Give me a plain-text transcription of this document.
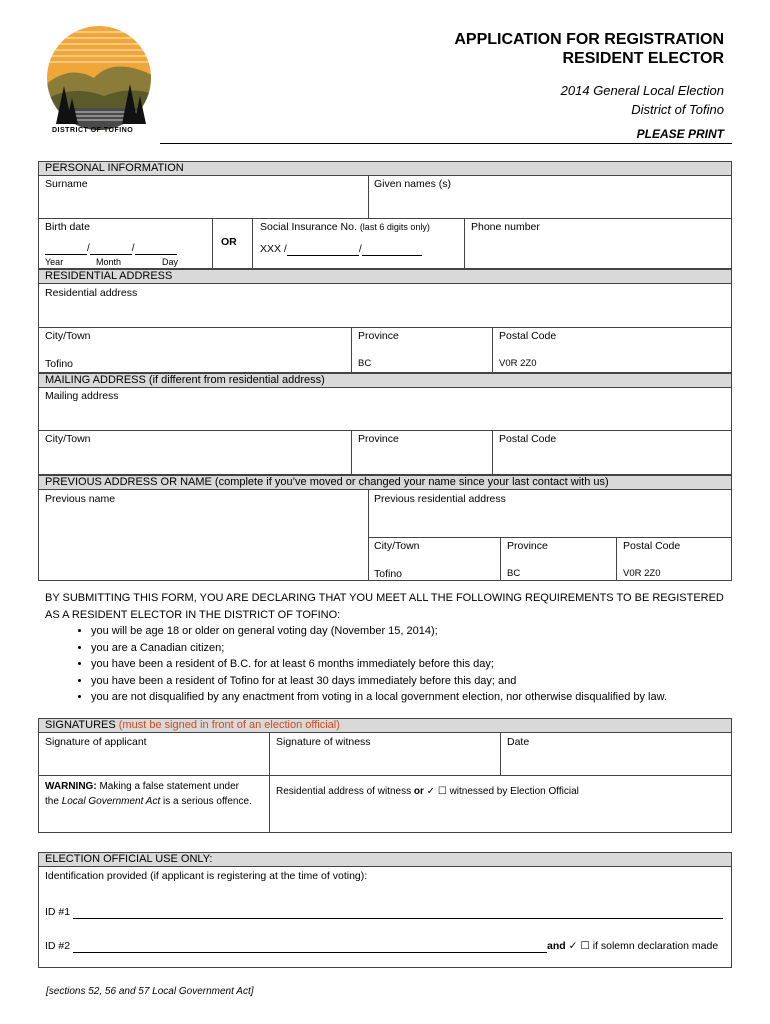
DISTRICT OF TOFINO
APPLICATION FOR REGISTRATION
RESIDENT ELECTOR
2014 General Local Election
District of Tofino
PLEASE PRINT
PERSONAL INFORMATION
Surname	Given names (s)
Birth date
/	/
Year	Month	Day
OR
Social Insurance No. (last 6 digits only)
XXX /	/
Phone number
RESIDENTIAL ADDRESS
Residential address
City/Town	Province	Postal Code
Tofino	BC	V0R 2Z0
MAILING ADDRESS (if different from residential address)
Mailing address
City/Town	Province	Postal Code
PREVIOUS ADDRESS OR NAME (complete if you’ve moved or changed your name since your last contact with us)
Previous name	Previous residential address
City/Town	Province	Postal Code
Tofino	BC	V0R 2Z0
BY SUBMITTING THIS FORM, YOU ARE DECLARING THAT YOU MEET ALL THE FOLLOWING REQUIREMENTS TO BE REGISTERED AS A RESIDENT ELECTOR IN THE DISTRICT OF TOFINO:
• you will be age 18 or older on general voting day (November 15, 2014);
• you are a Canadian citizen;
• you have been a resident of B.C. for at least 6 months immediately before this day;
• you have been a resident of Tofino for at least 30 days immediately before this day; and
• you are not disqualified by any enactment from voting in a local government election, nor otherwise disqualified by law.
SIGNATURES (must be signed in front of an election official)
Signature of applicant	Signature of witness	Date
WARNING: Making a false statement under
the Local Government Act is a serious offence.
Residential address of witness or ✓ ☐ witnessed by Election Official
ELECTION OFFICIAL USE ONLY:
Identification provided (if applicant is registering at the time of voting):
ID #1
ID #2	and ✓ ☐ if solemn declaration made
[sections 52, 56 and 57 Local Government Act]
